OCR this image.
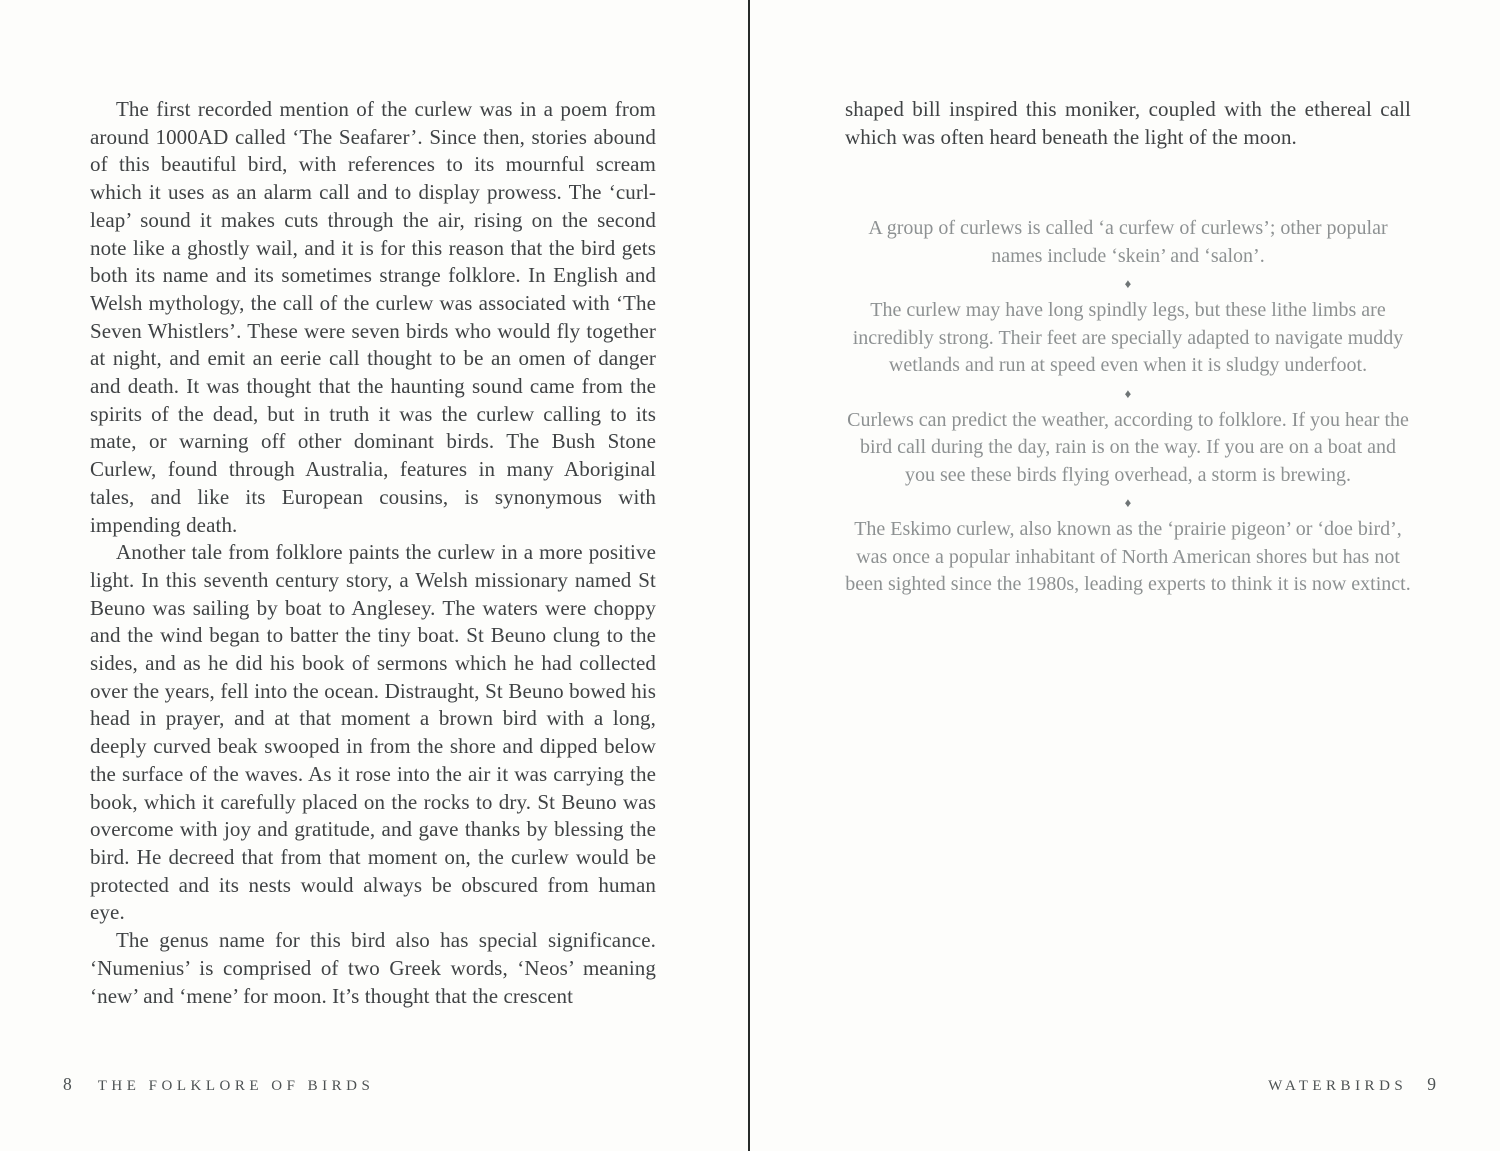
The first recorded mention of the curlew was in a poem from around 1000AD called ‘The Seafarer’. Since then, stories abound of this beautiful bird, with references to its mournful scream which it uses as an alarm call and to display prowess. The ‘curl-leap’ sound it makes cuts through the air, rising on the second note like a ghostly wail, and it is for this reason that the bird gets both its name and its sometimes strange folklore. In English and Welsh mythology, the call of the curlew was associated with ‘The Seven Whistlers’. These were seven birds who would fly together at night, and emit an eerie call thought to be an omen of danger and death. It was thought that the haunting sound came from the spirits of the dead, but in truth it was the curlew calling to its mate, or warning off other dominant birds. The Bush Stone Curlew, found through Australia, features in many Aboriginal tales, and like its European cousins, is synonymous with impending death.

Another tale from folklore paints the curlew in a more positive light. In this seventh century story, a Welsh missionary named St Beuno was sailing by boat to Anglesey. The waters were choppy and the wind began to batter the tiny boat. St Beuno clung to the sides, and as he did his book of sermons which he had collected over the years, fell into the ocean. Distraught, St Beuno bowed his head in prayer, and at that moment a brown bird with a long, deeply curved beak swooped in from the shore and dipped below the surface of the waves. As it rose into the air it was carrying the book, which it carefully placed on the rocks to dry. St Beuno was overcome with joy and gratitude, and gave thanks by blessing the bird. He decreed that from that moment on, the curlew would be protected and its nests would always be obscured from human eye.

The genus name for this bird also has special significance. ‘Numenius’ is comprised of two Greek words, ‘Neos’ meaning ‘new’ and ‘mene’ for moon. It’s thought that the crescent

8 THE FOLKLORE OF BIRDS

shaped bill inspired this moniker, coupled with the ethereal call which was often heard beneath the light of the moon.

A group of curlews is called ‘a curfew of curlews’; other popular names include ‘skein’ and ‘salon’.

♦

The curlew may have long spindly legs, but these lithe limbs are incredibly strong. Their feet are specially adapted to navigate muddy wetlands and run at speed even when it is sludgy underfoot.

♦

Curlews can predict the weather, according to folklore. If you hear the bird call during the day, rain is on the way. If you are on a boat and you see these birds flying overhead, a storm is brewing.

♦

The Eskimo curlew, also known as the ‘prairie pigeon’ or ‘doe bird’, was once a popular inhabitant of North American shores but has not been sighted since the 1980s, leading experts to think it is now extinct.

WATERBIRDS 9
